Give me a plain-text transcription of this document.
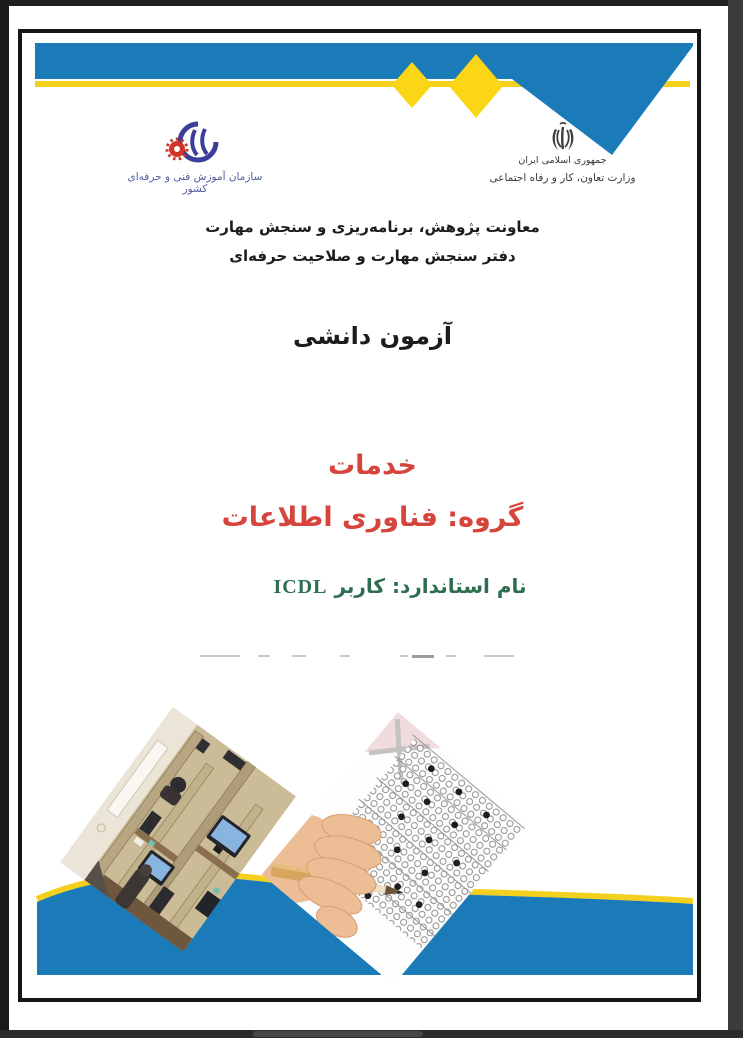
سازمان آموزش فنی و حرفه‌ای کشور
جمهوری اسلامی ایران
وزارت تعاون، کار و رفاه اجتماعی
معاونت پژوهش، برنامه‌ریزی و سنجش مهارت
دفتر سنجش مهارت و صلاحیت حرفه‌ای
آزمون دانشی
خدمات
گروه: فناوری اطلاعات
نام استاندارد: کاربر ICDL
